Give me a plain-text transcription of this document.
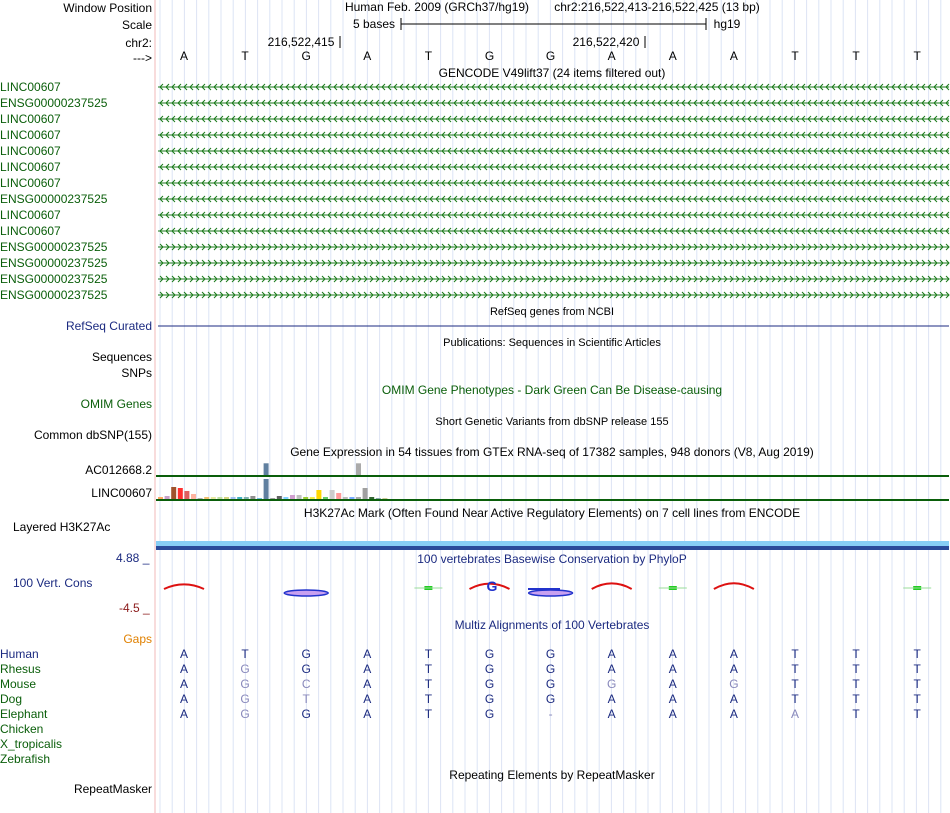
G
Window Position
Scale
chr2:
--->
Human Feb. 2009 (GRCh37/hg19) chr2:216,522,413-216,522,425 (13 bp)
5 bases	hg19
216,522,415	216,522,420
GENCODE V49lift37 (24 items filtered out)
RefSeq genes from NCBI
RefSeq Curated
Publications: Sequences in Scientific Articles
Sequences
SNPs
OMIM Gene Phenotypes - Dark Green Can Be Disease-causing
OMIM Genes
Short Genetic Variants from dbSNP release 155
Common dbSNP(155)
Gene Expression in 54 tissues from GTEx RNA-seq of 17382 samples, 948 donors (V8, Aug 2019)
AC012668.2
LINC00607
H3K27Ac Mark (Often Found Near Active Regulatory Elements) on 7 cell lines from ENCODE
Layered H3K27Ac
100 vertebrates Basewise Conservation by PhyloP
4.88 _
100 Vert. Cons
-4.5 _
Multiz Alignments of 100 Vertebrates
Gaps
Repeating Elements by RepeatMasker
RepeatMasker
A	T	G	A	T	G	G	A	A	A	T	T	T
LINC00607
ENSG00000237525
LINC00607
LINC00607
LINC00607
LINC00607
LINC00607
ENSG00000237525
LINC00607
LINC00607
ENSG00000237525
ENSG00000237525
ENSG00000237525
ENSG00000237525
Human	A	T	G	A	T	G	G	A	A	A	T	T	T
Rhesus	A	G	G	A	T	G	G	A	A	A	T	T	T
Mouse	A	G	C	A	T	G	G	G	A	G	T	T	T
Dog	A	G	T	A	T	G	G	A	A	A	T	T	T
Elephant	A	G	G	A	T	G	-	A	A	A	A	T	T
Chicken
X_tropicalis
Zebrafish
